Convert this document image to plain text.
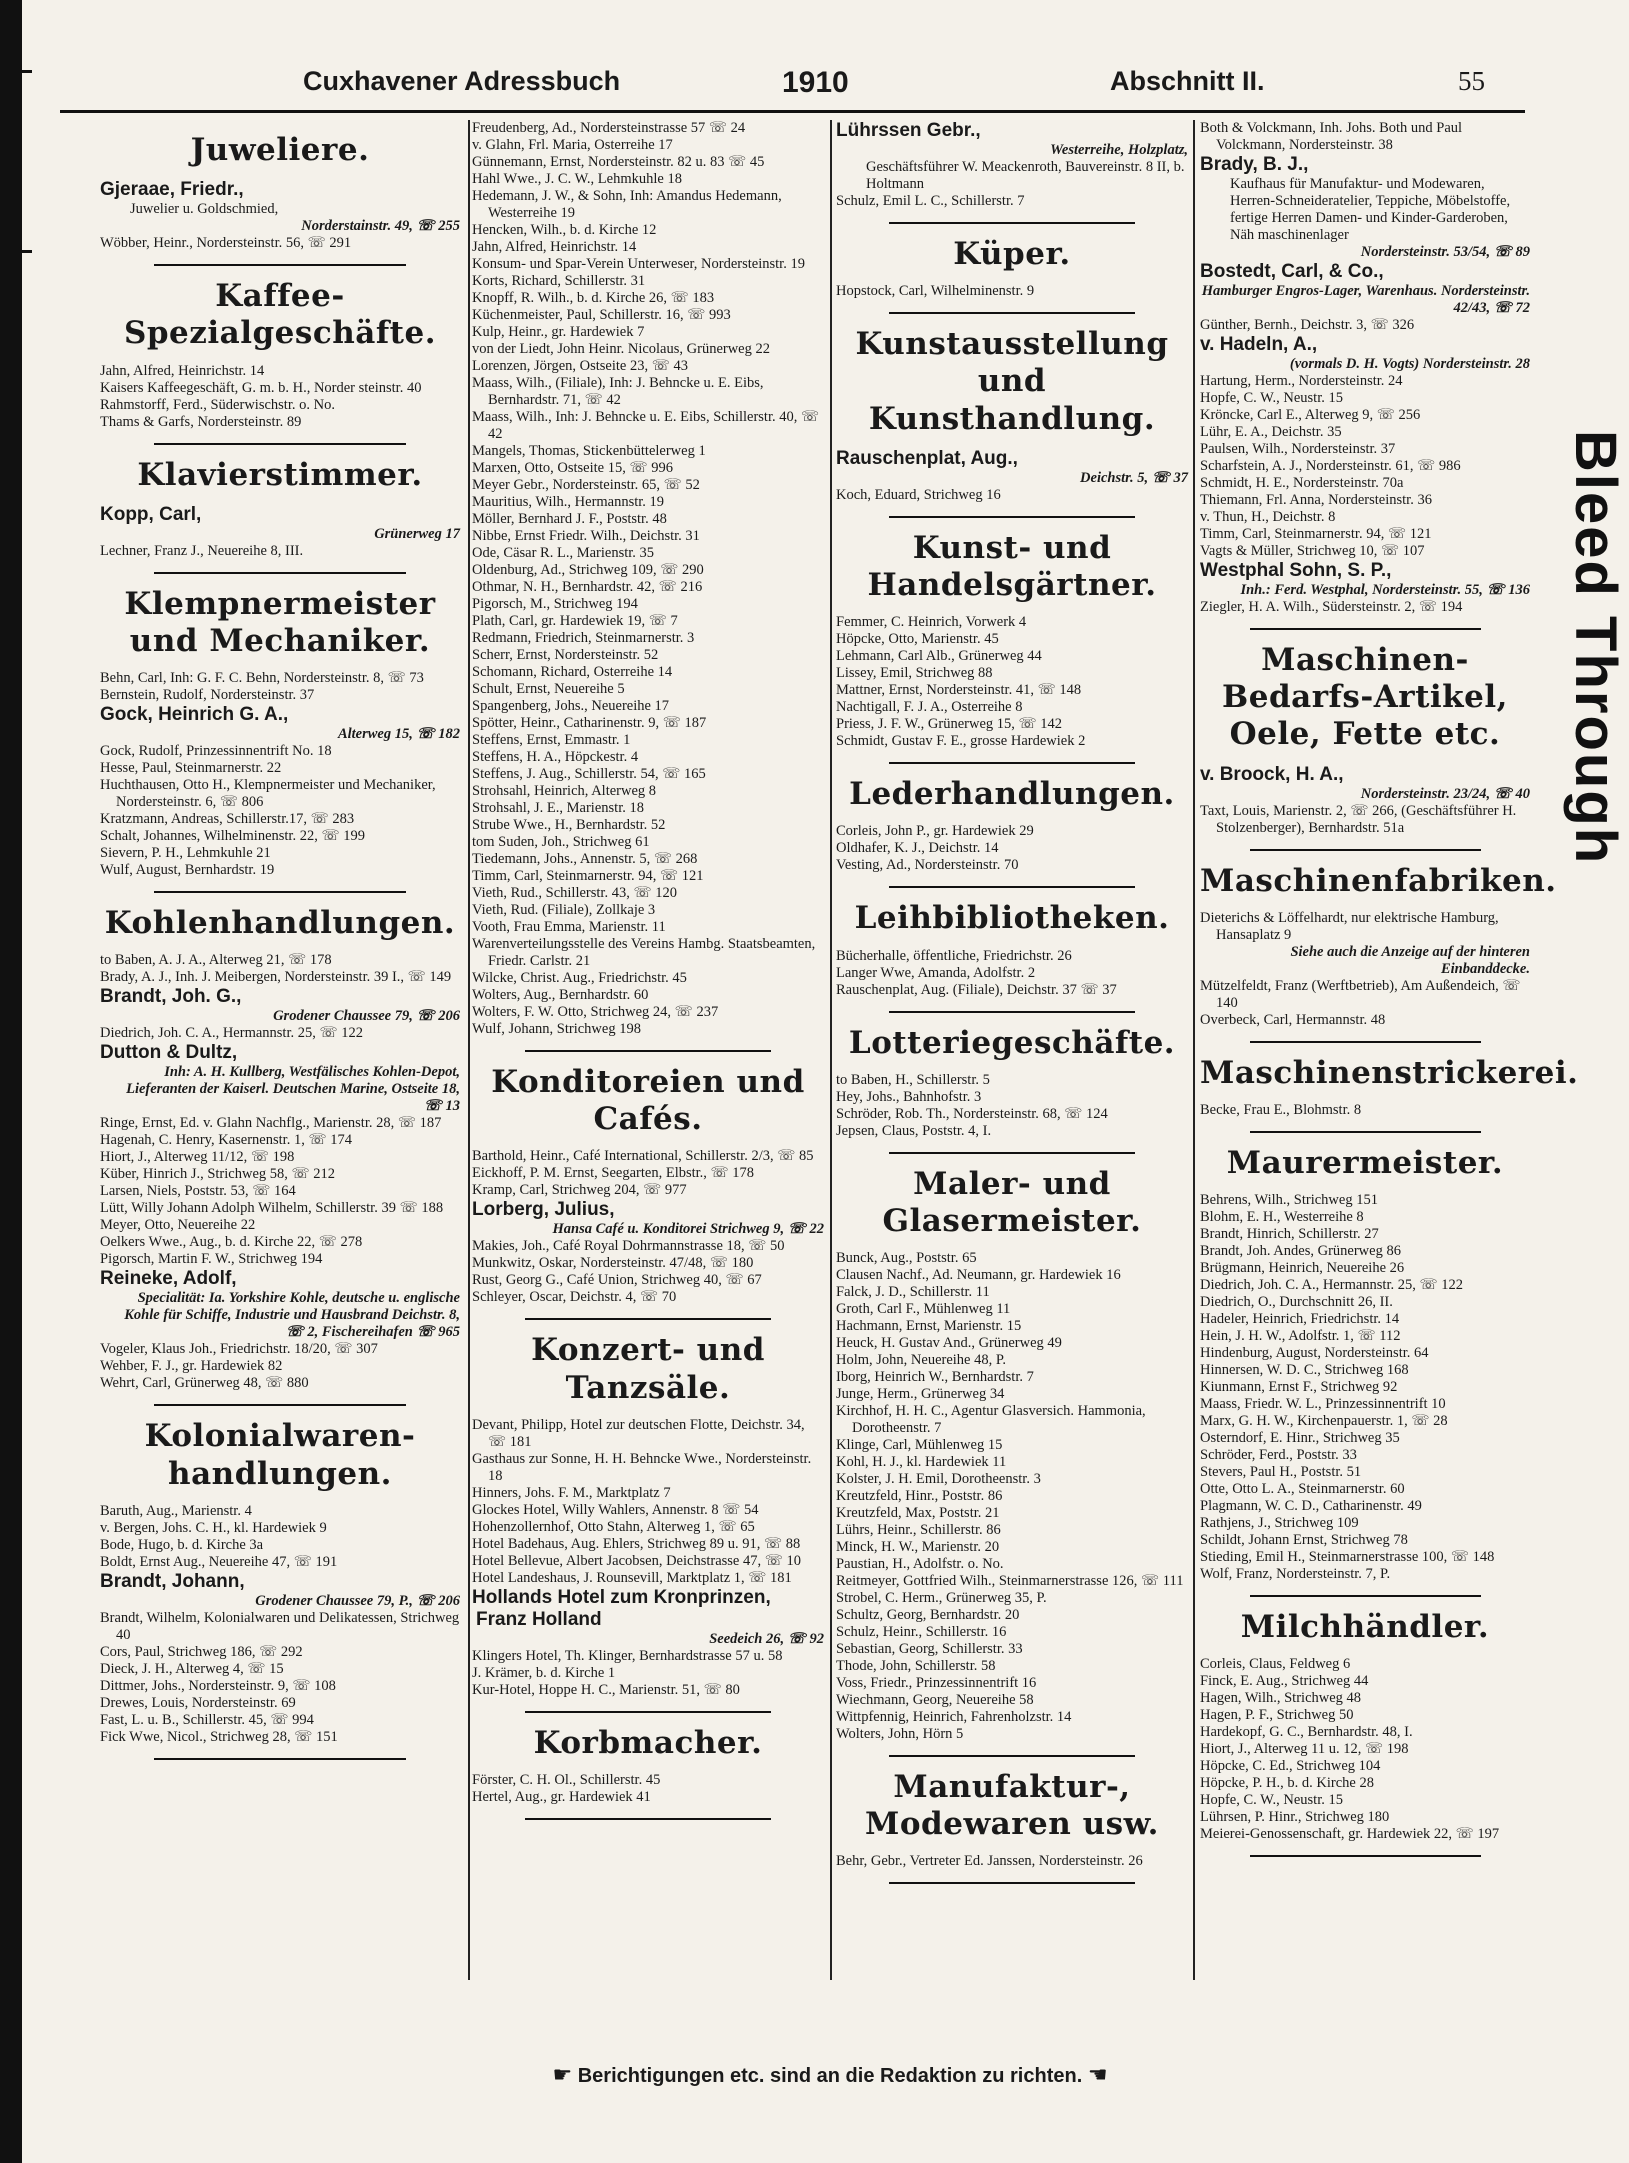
Cuxhavener Adressbuch	1910	Abschnitt II.	55
Juweliere.

Gjeraae, Friedr.,

Juwelier u. Goldschmied,

Norderstainstr. 49, ☏ 255

Wöbber, Heinr., Nordersteinstr. 56, ☏ 291

Kaffee-Spezialgeschäfte.

Jahn, Alfred, Heinrichstr. 14

Kaisers Kaffeegeschäft, G. m. b. H., Norder steinstr. 40

Rahmstorff, Ferd., Süderwischstr. o. No.

Thams & Garfs, Nordersteinstr. 89

Klavierstimmer.

Kopp, Carl,

Grünerweg 17

Lechner, Franz J., Neuereihe 8, III.

Klempnermeister und Mechaniker.

Behn, Carl, Inh: G. F. C. Behn, Nordersteinstr. 8, ☏ 73

Bernstein, Rudolf, Nordersteinstr. 37

Gock, Heinrich G. A.,

Alterweg 15, ☏ 182

Gock, Rudolf, Prinzessinnentrift No. 18

Hesse, Paul, Steinmarnerstr. 22

Huchthausen, Otto H., Klempnermeister und Mechaniker, Nordersteinstr. 6, ☏ 806

Kratzmann, Andreas, Schillerstr.17, ☏ 283

Schalt, Johannes, Wilhelminenstr. 22, ☏ 199

Sievern, P. H., Lehmkuhle 21

Wulf, August, Bernhardstr. 19

Kohlenhandlungen.

to Baben, A. J. A., Alterweg 21, ☏ 178

Brady, A. J., Inh. J. Meibergen, Nordersteinstr. 39 I., ☏ 149

Brandt, Joh. G.,

Grodener Chaussee 79, ☏ 206

Diedrich, Joh. C. A., Hermannstr. 25, ☏ 122

Dutton & Dultz,

Inh: A. H. Kullberg, Westfälisches Kohlen-Depot, Lieferanten der Kaiserl. Deutschen Marine, Ostseite 18, ☏ 13

Ringe, Ernst, Ed. v. Glahn Nachflg., Marienstr. 28, ☏ 187

Hagenah, C. Henry, Kasernenstr. 1, ☏ 174

Hiort, J., Alterweg 11/12, ☏ 198

Küber, Hinrich J., Strichweg 58, ☏ 212

Larsen, Niels, Poststr. 53, ☏ 164

Lütt, Willy Johann Adolph Wilhelm, Schillerstr. 39 ☏ 188

Meyer, Otto, Neuereihe 22

Oelkers Wwe., Aug., b. d. Kirche 22, ☏ 278

Pigorsch, Martin F. W., Strichweg 194

Reineke, Adolf,

Specialität: Ia. Yorkshire Kohle, deutsche u. englische Kohle für Schiffe, Industrie und Hausbrand Deichstr. 8, ☏ 2, Fischereihafen ☏ 965

Vogeler, Klaus Joh., Friedrichstr. 18/20, ☏ 307

Wehber, F. J., gr. Hardewiek 82

Wehrt, Carl, Grünerweg 48, ☏ 880

Kolonialwaren-handlungen.

Baruth, Aug., Marienstr. 4

v. Bergen, Johs. C. H., kl. Hardewiek 9

Bode, Hugo, b. d. Kirche 3a

Boldt, Ernst Aug., Neuereihe 47, ☏ 191

Brandt, Johann,

Grodener Chaussee 79, P., ☏ 206

Brandt, Wilhelm, Kolonialwaren und Delikatessen, Strichweg 40

Cors, Paul, Strichweg 186, ☏ 292

Dieck, J. H., Alterweg 4, ☏ 15

Dittmer, Johs., Nordersteinstr. 9, ☏ 108

Drewes, Louis, Nordersteinstr. 69

Fast, L. u. B., Schillerstr. 45, ☏ 994

Fick Wwe, Nicol., Strichweg 28, ☏ 151

Freudenberg, Ad., Nordersteinstrasse 57 ☏ 24

v. Glahn, Frl. Maria, Osterreihe 17

Günnemann, Ernst, Nordersteinstr. 82 u. 83 ☏ 45

Hahl Wwe., J. C. W., Lehmkuhle 18

Hedemann, J. W., & Sohn, Inh: Amandus Hedemann, Westerreihe 19

Hencken, Wilh., b. d. Kirche 12

Jahn, Alfred, Heinrichstr. 14

Konsum- und Spar-Verein Unterweser, Nordersteinstr. 19

Korts, Richard, Schillerstr. 31

Knopff, R. Wilh., b. d. Kirche 26, ☏ 183

Küchenmeister, Paul, Schillerstr. 16, ☏ 993

Kulp, Heinr., gr. Hardewiek 7

von der Liedt, John Heinr. Nicolaus, Grünerweg 22

Lorenzen, Jörgen, Ostseite 23, ☏ 43

Maass, Wilh., (Filiale), Inh: J. Behncke u. E. Eibs, Bernhardstr. 71, ☏ 42

Maass, Wilh., Inh: J. Behncke u. E. Eibs, Schillerstr. 40, ☏ 42

Mangels, Thomas, Stickenbüttelerweg 1

Marxen, Otto, Ostseite 15, ☏ 996

Meyer Gebr., Nordersteinstr. 65, ☏ 52

Mauritius, Wilh., Hermannstr. 19

Möller, Bernhard J. F., Poststr. 48

Nibbe, Ernst Friedr. Wilh., Deichstr. 31

Ode, Cäsar R. L., Marienstr. 35

Oldenburg, Ad., Strichweg 109, ☏ 290

Othmar, N. H., Bernhardstr. 42, ☏ 216

Pigorsch, M., Strichweg 194

Plath, Carl, gr. Hardewiek 19, ☏ 7

Redmann, Friedrich, Steinmarnerstr. 3

Scherr, Ernst, Nordersteinstr. 52

Schomann, Richard, Osterreihe 14

Schult, Ernst, Neuereihe 5

Spangenberg, Johs., Neuereihe 17

Spötter, Heinr., Catharinenstr. 9, ☏ 187

Steffens, Ernst, Emmastr. 1

Steffens, H. A., Höpckestr. 4

Steffens, J. Aug., Schillerstr. 54, ☏ 165

Strohsahl, Heinrich, Alterweg 8

Strohsahl, J. E., Marienstr. 18

Strube Wwe., H., Bernhardstr. 52

tom Suden, Joh., Strichweg 61

Tiedemann, Johs., Annenstr. 5, ☏ 268

Timm, Carl, Steinmarnerstr. 94, ☏ 121

Vieth, Rud., Schillerstr. 43, ☏ 120

Vieth, Rud. (Filiale), Zollkaje 3

Vooth, Frau Emma, Marienstr. 11

Warenverteilungsstelle des Vereins Hambg. Staatsbeamten, Friedr. Carlstr. 21

Wilcke, Christ. Aug., Friedrichstr. 45

Wolters, Aug., Bernhardstr. 60

Wolters, F. W. Otto, Strichweg 24, ☏ 237

Wulf, Johann, Strichweg 198

Konditoreien und Cafés.

Barthold, Heinr., Café International, Schillerstr. 2/3, ☏ 85

Eickhoff, P. M. Ernst, Seegarten, Elbstr., ☏ 178

Kramp, Carl, Strichweg 204, ☏ 977

Lorberg, Julius,

Hansa Café u. Konditorei Strichweg 9, ☏ 22

Makies, Joh., Café Royal Dohrmannstrasse 18, ☏ 50

Munkwitz, Oskar, Nordersteinstr. 47/48, ☏ 180

Rust, Georg G., Café Union, Strichweg 40, ☏ 67

Schleyer, Oscar, Deichstr. 4, ☏ 70

Konzert- und Tanzsäle.

Devant, Philipp, Hotel zur deutschen Flotte, Deichstr. 34, ☏ 181

Gasthaus zur Sonne, H. H. Behncke Wwe., Nordersteinstr. 18

Hinners, Johs. F. M., Marktplatz 7

Glockes Hotel, Willy Wahlers, Annenstr. 8 ☏ 54

Hohenzollernhof, Otto Stahn, Alterweg 1, ☏ 65

Hotel Badehaus, Aug. Ehlers, Strichweg 89 u. 91, ☏ 88

Hotel Bellevue, Albert Jacobsen, Deichstrasse 47, ☏ 10

Hotel Landeshaus, J. Rounsevill, Marktplatz 1, ☏ 181

Hollands Hotel zum Kronprinzen, Franz Holland

Seedeich 26, ☏ 92

Klingers Hotel, Th. Klinger, Bernhardstrasse 57 u. 58

J. Krämer, b. d. Kirche 1

Kur-Hotel, Hoppe H. C., Marienstr. 51, ☏ 80

Korbmacher.

Förster, C. H. Ol., Schillerstr. 45

Hertel, Aug., gr. Hardewiek 41

Lührssen Gebr.,

Westerreihe, Holzplatz,

Geschäftsführer W. Meackenroth, Bauvereinstr. 8 II, b. Holtmann

Schulz, Emil L. C., Schillerstr. 7

Küper.

Hopstock, Carl, Wilhelminenstr. 9

Kunstausstellung und Kunsthandlung.

Rauschenplat, Aug.,

Deichstr. 5, ☏ 37

Koch, Eduard, Strichweg 16

Kunst- und Handelsgärtner.

Femmer, C. Heinrich, Vorwerk 4

Höpcke, Otto, Marienstr. 45

Lehmann, Carl Alb., Grünerweg 44

Lissey, Emil, Strichweg 88

Mattner, Ernst, Nordersteinstr. 41, ☏ 148

Nachtigall, F. J. A., Osterreihe 8

Priess, J. F. W., Grünerweg 15, ☏ 142

Schmidt, Gustav F. E., grosse Hardewiek 2

Lederhandlungen.

Corleis, John P., gr. Hardewiek 29

Oldhafer, K. J., Deichstr. 14

Vesting, Ad., Nordersteinstr. 70

Leihbibliotheken.

Bücherhalle, öffentliche, Friedrichstr. 26

Langer Wwe, Amanda, Adolfstr. 2

Rauschenplat, Aug. (Filiale), Deichstr. 37 ☏ 37

Lotteriegeschäfte.

to Baben, H., Schillerstr. 5

Hey, Johs., Bahnhofstr. 3

Schröder, Rob. Th., Nordersteinstr. 68, ☏ 124

Jepsen, Claus, Poststr. 4, I.

Maler- und Glasermeister.

Bunck, Aug., Poststr. 65

Clausen Nachf., Ad. Neumann, gr. Hardewiek 16

Falck, J. D., Schillerstr. 11

Groth, Carl F., Mühlenweg 11

Hachmann, Ernst, Marienstr. 15

Heuck, H. Gustav And., Grünerweg 49

Holm, John, Neuereihe 48, P.

Iborg, Heinrich W., Bernhardstr. 7

Junge, Herm., Grünerweg 34

Kirchhof, H. H. C., Agentur Glasversich. Hammonia, Dorotheenstr. 7

Klinge, Carl, Mühlenweg 15

Kohl, H. J., kl. Hardewiek 11

Kolster, J. H. Emil, Dorotheenstr. 3

Kreutzfeld, Hinr., Poststr. 86

Kreutzfeld, Max, Poststr. 21

Lührs, Heinr., Schillerstr. 86

Minck, H. W., Marienstr. 20

Paustian, H., Adolfstr. o. No.

Reitmeyer, Gottfried Wilh., Steinmarnerstrasse 126, ☏ 111

Strobel, C. Herm., Grünerweg 35, P.

Schultz, Georg, Bernhardstr. 20

Schulz, Heinr., Schillerstr. 16

Sebastian, Georg, Schillerstr. 33

Thode, John, Schillerstr. 58

Voss, Friedr., Prinzessinnentrift 16

Wiechmann, Georg, Neuereihe 58

Wittpfennig, Heinrich, Fahrenholzstr. 14

Wolters, John, Hörn 5

Manufaktur-, Modewaren usw.

Behr, Gebr., Vertreter Ed. Janssen, Nordersteinstr. 26

Both & Volckmann, Inh. Johs. Both und Paul Volckmann, Nordersteinstr. 38

Brady, B. J.,

Kaufhaus für Manufaktur- und Modewaren, Herren-Schneideratelier, Teppiche, Möbelstoffe, fertige Herren Damen- und Kinder-Garderoben, Näh maschinenlager

Nordersteinstr. 53/54, ☏ 89

Bostedt, Carl, & Co.,

Hamburger Engros-Lager, Warenhaus. Nordersteinstr. 42/43, ☏ 72

Günther, Bernh., Deichstr. 3, ☏ 326

v. Hadeln, A.,

(vormals D. H. Vogts) Nordersteinstr. 28

Hartung, Herm., Nordersteinstr. 24

Hopfe, C. W., Neustr. 15

Kröncke, Carl E., Alterweg 9, ☏ 256

Lühr, E. A., Deichstr. 35

Paulsen, Wilh., Nordersteinstr. 37

Scharfstein, A. J., Nordersteinstr. 61, ☏ 986

Schmidt, H. E., Nordersteinstr. 70a

Thiemann, Frl. Anna, Nordersteinstr. 36

v. Thun, H., Deichstr. 8

Timm, Carl, Steinmarnerstr. 94, ☏ 121

Vagts & Müller, Strichweg 10, ☏ 107

Westphal Sohn, S. P.,

Inh.: Ferd. Westphal, Nordersteinstr. 55, ☏ 136

Ziegler, H. A. Wilh., Südersteinstr. 2, ☏ 194

Maschinen-Bedarfs-Artikel, Oele, Fette etc.

v. Broock, H. A.,

Nordersteinstr. 23/24, ☏ 40

Taxt, Louis, Marienstr. 2, ☏ 266, (Geschäftsführer H. Stolzenberger), Bernhardstr. 51a

Maschinenfabriken.

Dieterichs & Löffelhardt, nur elektrische Hamburg, Hansaplatz 9

Siehe auch die Anzeige auf der hinteren Einbanddecke.

Mützelfeldt, Franz (Werftbetrieb), Am Außendeich, ☏ 140

Overbeck, Carl, Hermannstr. 48

Maschinenstrickerei.

Becke, Frau E., Blohmstr. 8

Maurermeister.

Behrens, Wilh., Strichweg 151

Blohm, E. H., Westerreihe 8

Brandt, Hinrich, Schillerstr. 27

Brandt, Joh. Andes, Grünerweg 86

Brügmann, Heinrich, Neuereihe 26

Diedrich, Joh. C. A., Hermannstr. 25, ☏ 122

Diedrich, O., Durchschnitt 26, II.

Hadeler, Heinrich, Friedrichstr. 14

Hein, J. H. W., Adolfstr. 1, ☏ 112

Hindenburg, August, Nordersteinstr. 64

Hinnersen, W. D. C., Strichweg 168

Kiunmann, Ernst F., Strichweg 92

Maass, Friedr. W. L., Prinzessinnentrift 10

Marx, G. H. W., Kirchenpauerstr. 1, ☏ 28

Osterndorf, E. Hinr., Strichweg 35

Schröder, Ferd., Poststr. 33

Stevers, Paul H., Poststr. 51

Otte, Otto L. A., Steinmarnerstr. 60

Plagmann, W. C. D., Catharinenstr. 49

Rathjens, J., Strichweg 109

Schildt, Johann Ernst, Strichweg 78

Stieding, Emil H., Steinmarnerstrasse 100, ☏ 148

Wolf, Franz, Nordersteinstr. 7, P.

Milchhändler.

Corleis, Claus, Feldweg 6

Finck, E. Aug., Strichweg 44

Hagen, Wilh., Strichweg 48

Hagen, P. F., Strichweg 50

Hardekopf, G. C., Bernhardstr. 48, I.

Hiort, J., Alterweg 11 u. 12, ☏ 198

Höpcke, C. Ed., Strichweg 104

Höpcke, P. H., b. d. Kirche 28

Hopfe, C. W., Neustr. 15

Lührsen, P. Hinr., Strichweg 180

Meierei-Genossenschaft, gr. Hardewiek 22, ☏ 197

☛ Berichtigungen etc. sind an die Redaktion zu richten. ☚
Bleed Through
